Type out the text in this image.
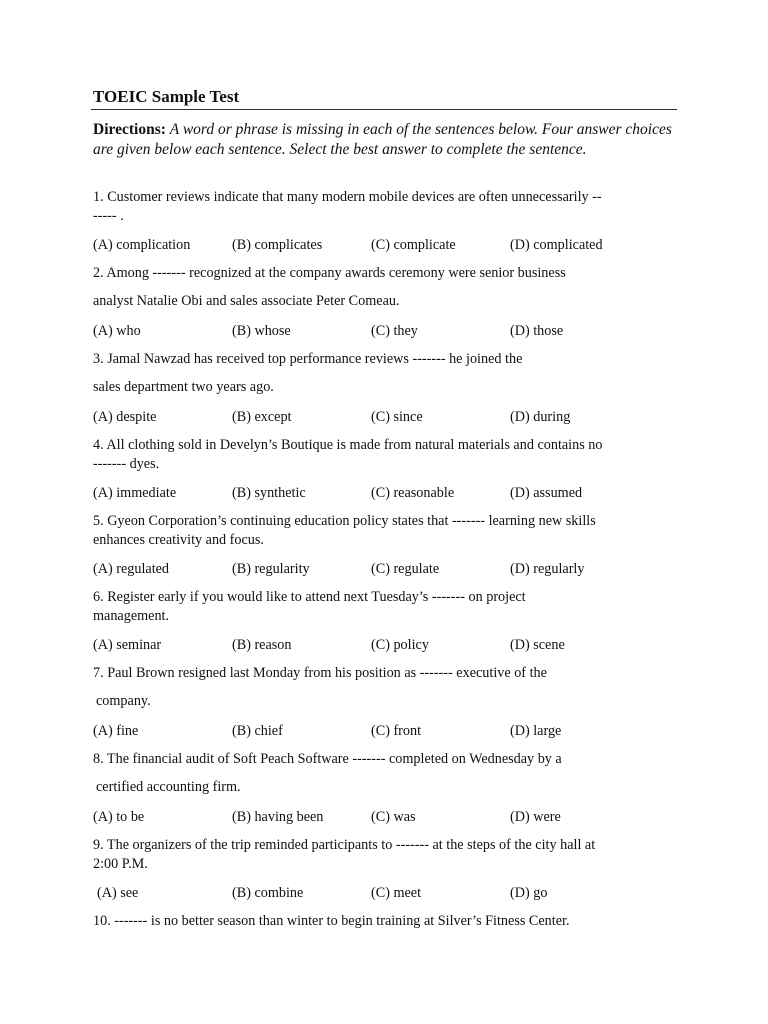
TOEIC Sample Test

Directions: A word or phrase is missing in each of the sentences below. Four answer choices are given below each sentence. Select the best answer to complete the sentence.

1. Customer reviews indicate that many modern mobile devices are often unnecessarily --

----- .

(A) complication	(B) complicates	(C) complicate	(D) complicated

2. Among ------- recognized at the company awards ceremony were senior business

analyst Natalie Obi and sales associate Peter Comeau.

(A) who	(B) whose	(C) they	(D) those

3. Jamal Nawzad has received top performance reviews ------- he joined the

sales department two years ago.

(A) despite	(B) except	(C) since	(D) during

4. All clothing sold in Develyn’s Boutique is made from natural materials and contains no

------- dyes.

(A) immediate	(B) synthetic	(C) reasonable	(D) assumed

5. Gyeon Corporation’s continuing education policy states that ------- learning new skills

enhances creativity and focus.

(A) regulated	(B) regularity	(C) regulate	(D) regularly

6. Register early if you would like to attend next Tuesday’s ------- on project

management.

(A) seminar	(B) reason	(C) policy	(D) scene

7. Paul Brown resigned last Monday from his position as ------- executive of the

company.

(A) fine	(B) chief	(C) front	(D) large

8. The financial audit of Soft Peach Software ------- completed on Wednesday by a

certified accounting firm.

(A) to be	(B) having been	(C) was	(D) were

9. The organizers of the trip reminded participants to ------- at the steps of the city hall at

2:00 P.M.

(A) see	(B) combine	(C) meet	(D) go

10. ------- is no better season than winter to begin training at Silver’s Fitness Center.
